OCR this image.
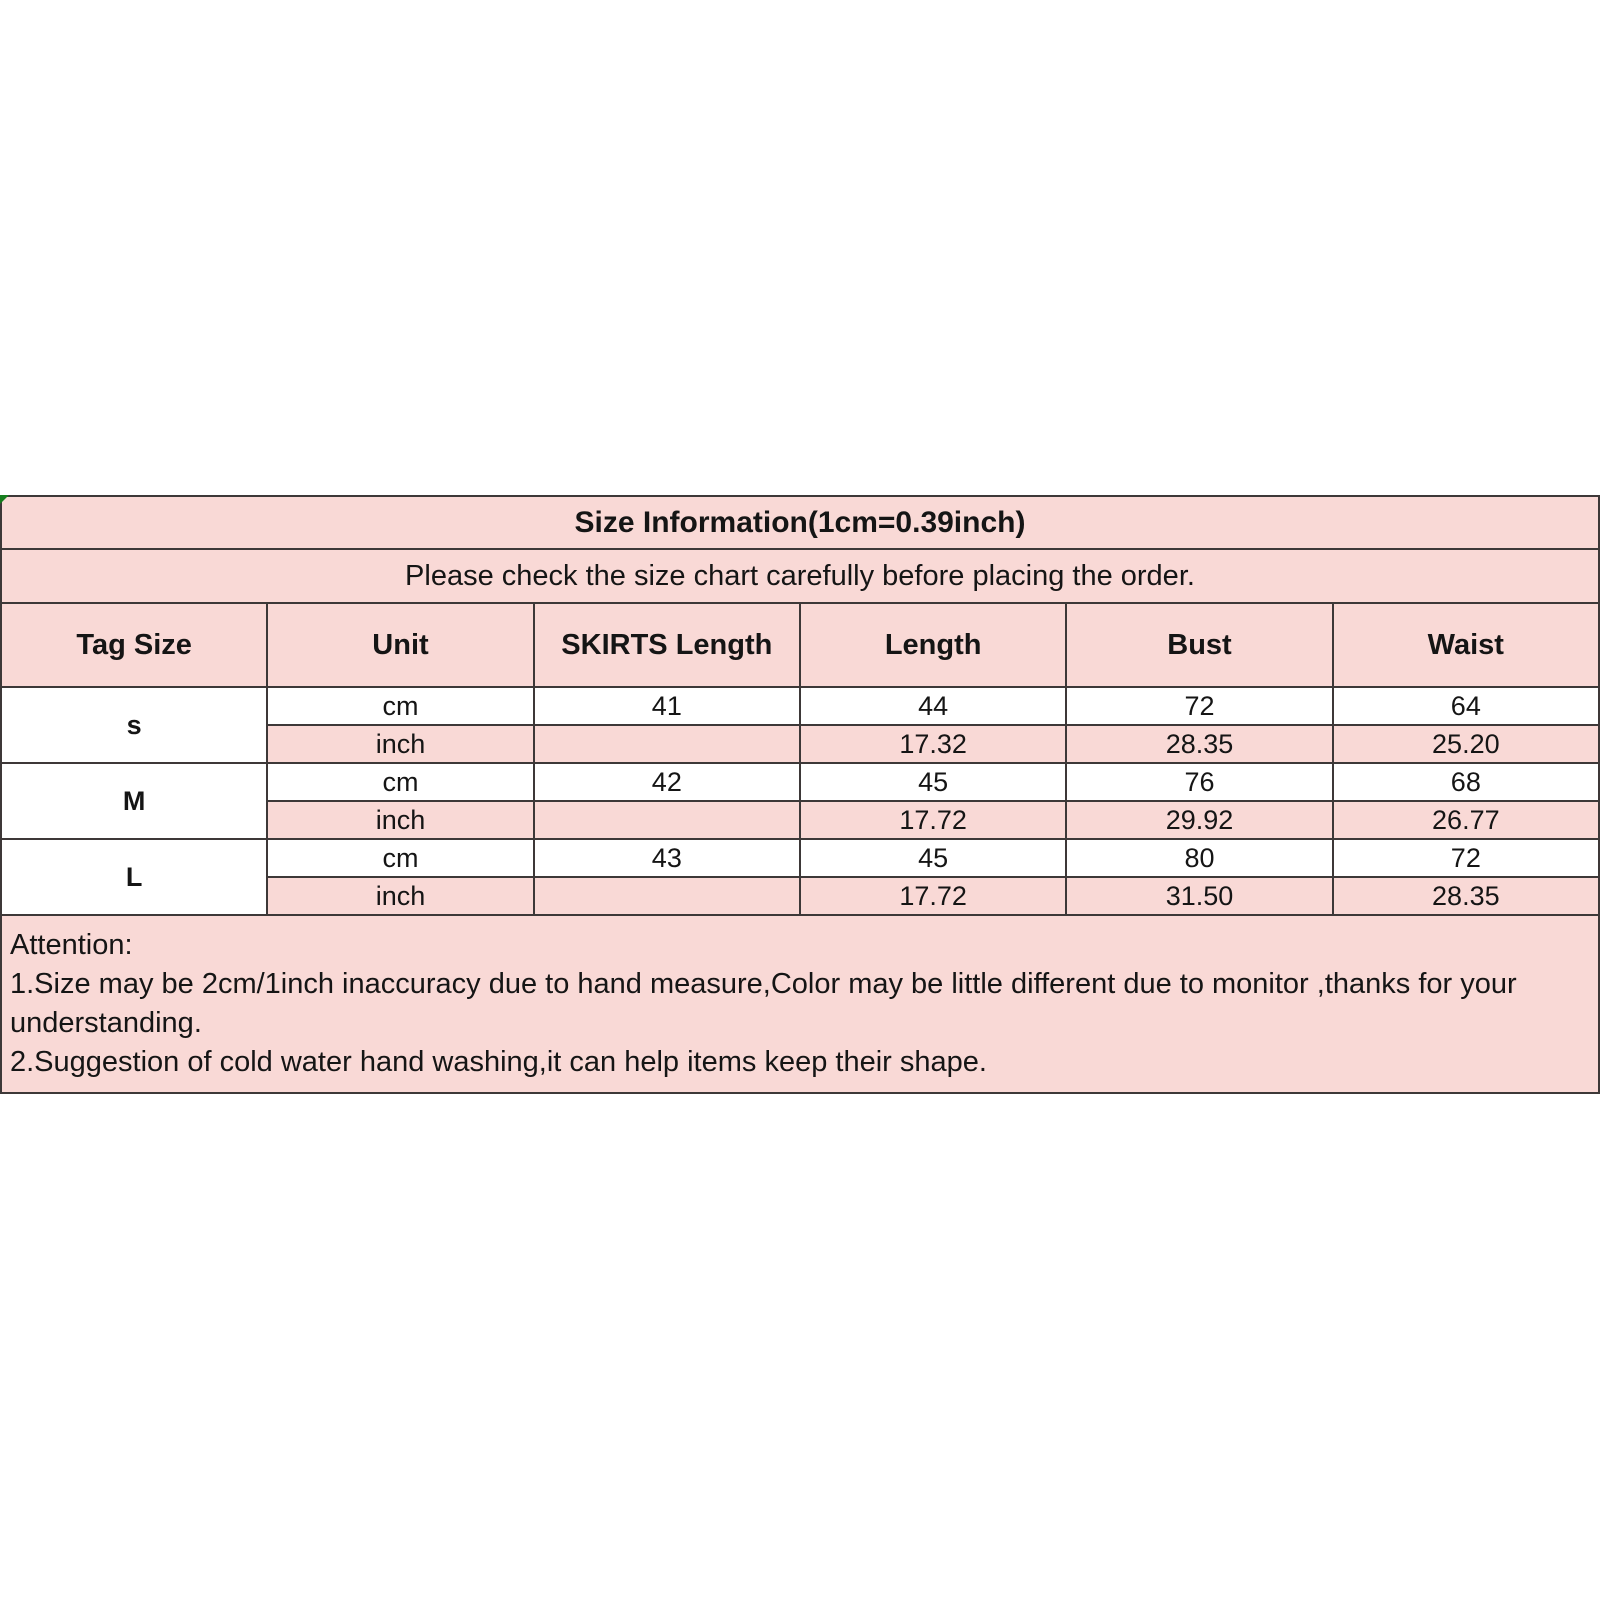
Size Information(1cm=0.39inch)					
Please check the size chart carefully before placing the order.					
Tag Size	Unit	SKIRTS Length	Length	Bust	Waist
s	cm	41	44	72	64
	inch		17.32	28.35	25.20
M	cm	42	45	76	68
	inch		17.72	29.92	26.77
L	cm	43	45	80	72
	inch		17.72	31.50	28.35

Attention:
1.Size may be 2cm/1inch inaccuracy due to hand measure,Color may be little different due to monitor ,thanks for your understanding.
2.Suggestion of cold water hand washing,it can help items keep their shape.					
